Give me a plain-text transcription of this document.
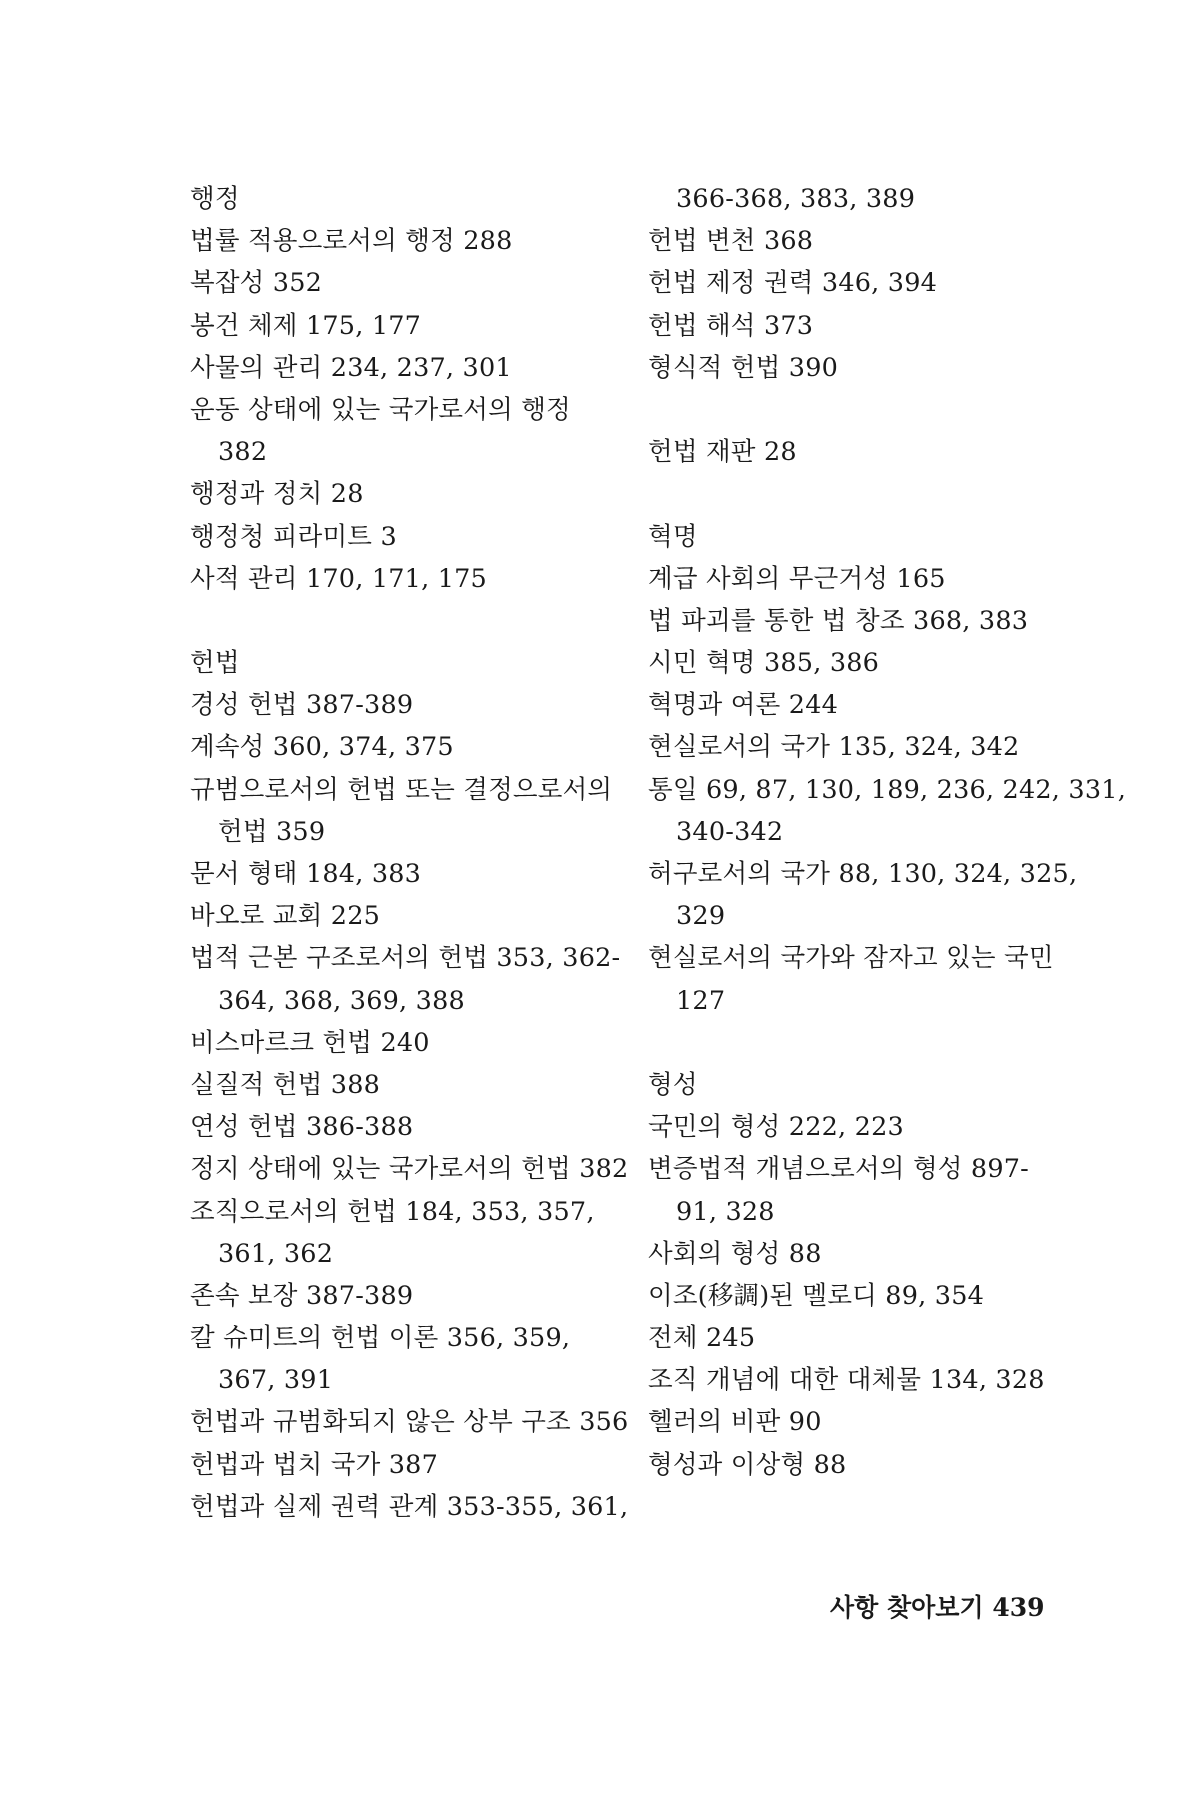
행정
법률 적용으로서의 행정 288
복잡성 352
봉건 체제 175, 177
사물의 관리 234, 237, 301
운동 상태에 있는 국가로서의 행정
382
행정과 정치 28
행정청 피라미트 3
사적 관리 170, 171, 175
헌법
경성 헌법 387-389
계속성 360, 374, 375
규범으로서의 헌법 또는 결정으로서의
헌법 359
문서 형태 184, 383
바오로 교회 225
법적 근본 구조로서의 헌법 353, 362-
364, 368, 369, 388
비스마르크 헌법 240
실질적 헌법 388
연성 헌법 386-388
정지 상태에 있는 국가로서의 헌법 382
조직으로서의 헌법 184, 353, 357,
361, 362
존속 보장 387-389
칼 슈미트의 헌법 이론 356, 359,
367, 391
헌법과 규범화되지 않은 상부 구조 356
헌법과 법치 국가 387
헌법과 실제 권력 관계 353-355, 361,
366-368, 383, 389
헌법 변천 368
헌법 제정 권력 346, 394
헌법 해석 373
형식적 헌법 390
헌법 재판 28
혁명
계급 사회의 무근거성 165
법 파괴를 통한 법 창조 368, 383
시민 혁명 385, 386
혁명과 여론 244
현실로서의 국가 135, 324, 342
통일 69, 87, 130, 189, 236, 242, 331,
340-342
허구로서의 국가 88, 130, 324, 325,
329
현실로서의 국가와 잠자고 있는 국민
127
형성
국민의 형성 222, 223
변증법적 개념으로서의 형성 897-
91, 328
사회의 형성 88
이조(移調)된 멜로디 89, 354
전체 245
조직 개념에 대한 대체물 134, 328
헬러의 비판 90
형성과 이상형 88
사항 찾아보기 439
